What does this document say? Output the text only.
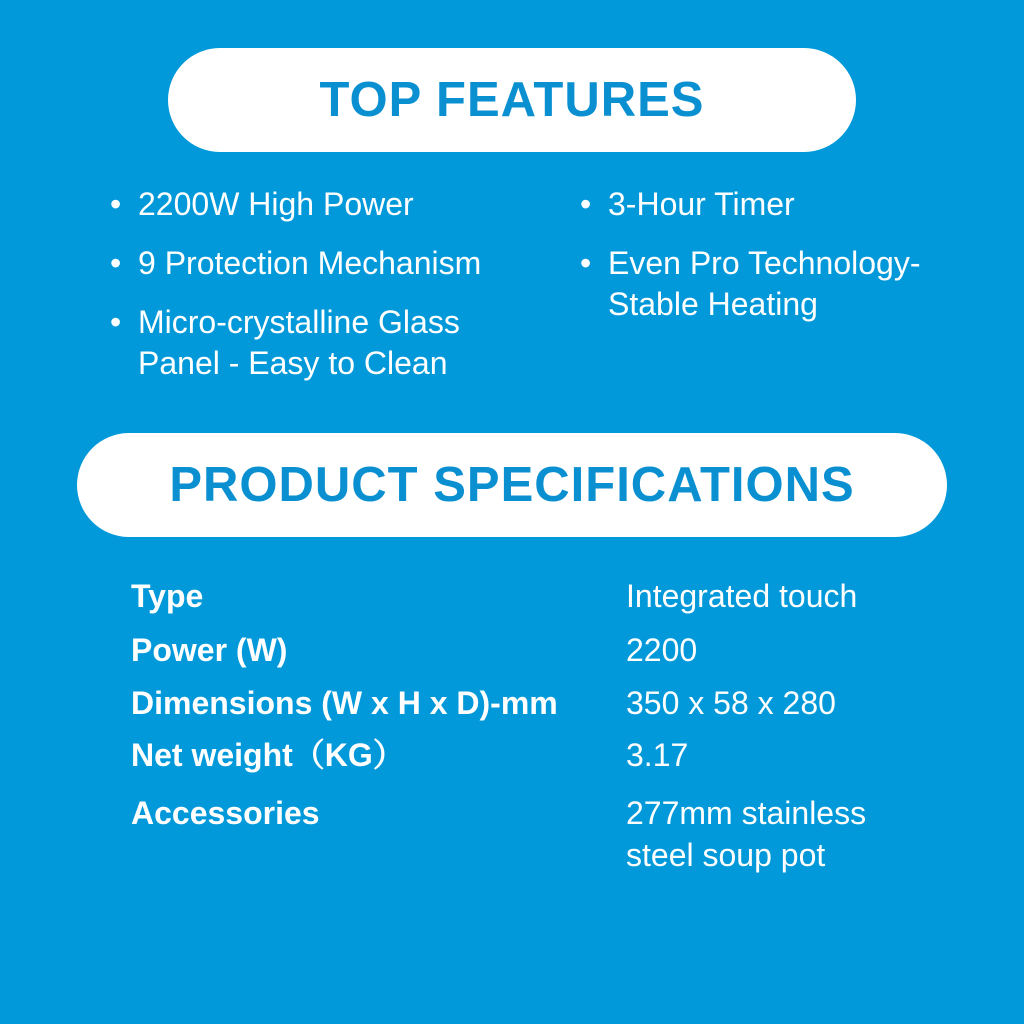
TOP FEATURES
• 2200W High Power
• 9 Protection Mechanism
• Micro-crystalline Glass
Panel - Easy to Clean
• 3-Hour Timer
• Even Pro Technology-
Stable Heating
PRODUCT SPECIFICATIONS
Type	Integrated touch
Power (W)	2200
Dimensions (W x H x D)-mm 350 x 58 x 280
Net weight（KG）	3.17
Accessories	277mm stainless
steel soup pot
